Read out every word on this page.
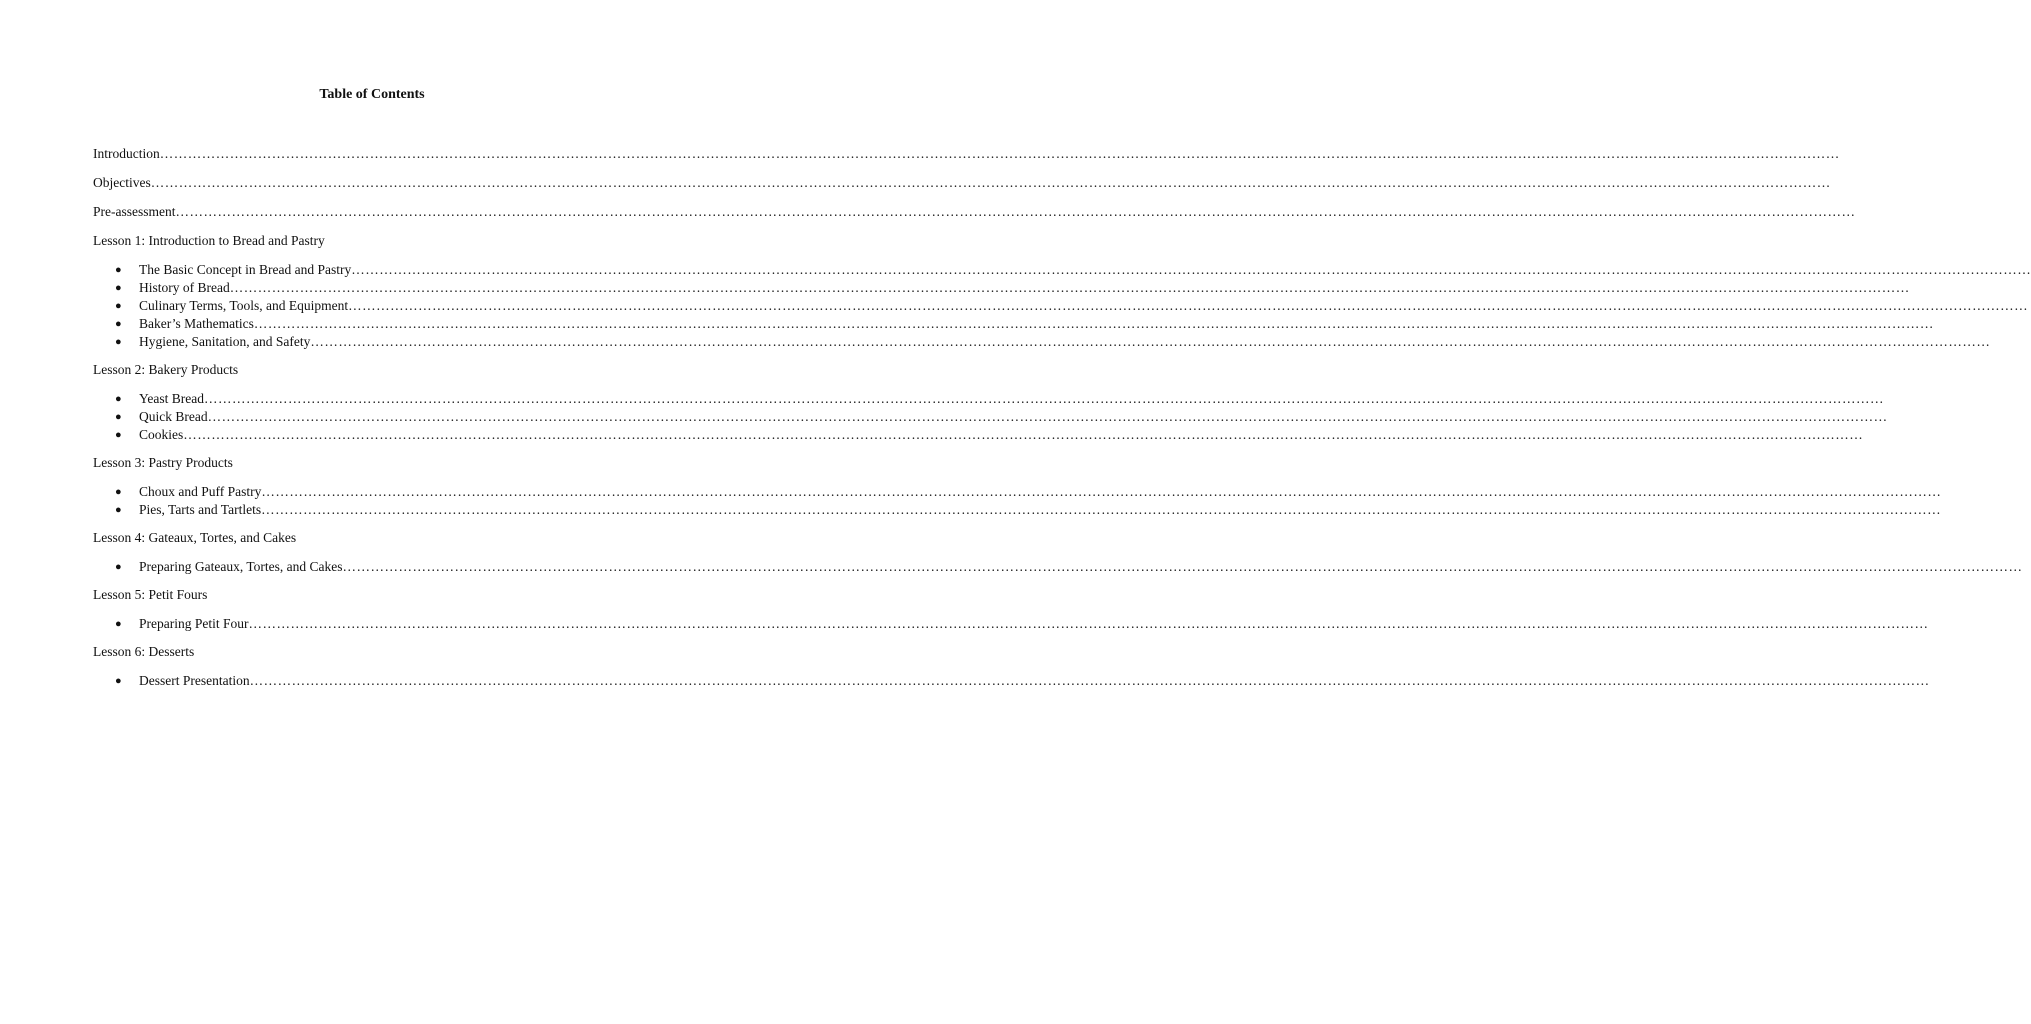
Table of Contents
Introduction ………………………………………………………………………………………………………………………………………………………………………………………………………………………………………………………………………………………………………………………………
Objectives ………………………………………………………………………………………………………………………………………………………………………………………………………………………………………………………………………………………………………………………………
Pre-assessment ………………………………………………………………………………………………………………………………………………………………………………………………………………………………………………………………………………………………………………………………
Lesson 1: Introduction to Bread and Pastry
● The Basic Concept in Bread and Pastry ………………………………………………………………………………………………………………………………………………………………………………………………………………………………………………………………………………………………………………………………
● History of Bread ………………………………………………………………………………………………………………………………………………………………………………………………………………………………………………………………………………………………………………………………
● Culinary Terms, Tools, and Equipment ………………………………………………………………………………………………………………………………………………………………………………………………………………………………………………………………………………………………………………………………
● Baker’s Mathematics ………………………………………………………………………………………………………………………………………………………………………………………………………………………………………………………………………………………………………………………………
● Hygiene, Sanitation, and Safety ………………………………………………………………………………………………………………………………………………………………………………………………………………………………………………………………………………………………………………………………
Lesson 2: Bakery Products
● Yeast Bread ………………………………………………………………………………………………………………………………………………………………………………………………………………………………………………………………………………………………………………………………
● Quick Bread ………………………………………………………………………………………………………………………………………………………………………………………………………………………………………………………………………………………………………………………………
● Cookies ………………………………………………………………………………………………………………………………………………………………………………………………………………………………………………………………………………………………………………………………
Lesson 3: Pastry Products
● Choux and Puff Pastry ………………………………………………………………………………………………………………………………………………………………………………………………………………………………………………………………………………………………………………………………
● Pies, Tarts and Tartlets ………………………………………………………………………………………………………………………………………………………………………………………………………………………………………………………………………………………………………………………………
Lesson 4: Gateaux, Tortes, and Cakes
● Preparing Gateaux, Tortes, and Cakes ………………………………………………………………………………………………………………………………………………………………………………………………………………………………………………………………………………………………………………………………
Lesson 5: Petit Fours
● Preparing Petit Four ………………………………………………………………………………………………………………………………………………………………………………………………………………………………………………………………………………………………………………………………
Lesson 6: Desserts
● Dessert Presentation ………………………………………………………………………………………………………………………………………………………………………………………………………………………………………………………………………………………………………………………………
